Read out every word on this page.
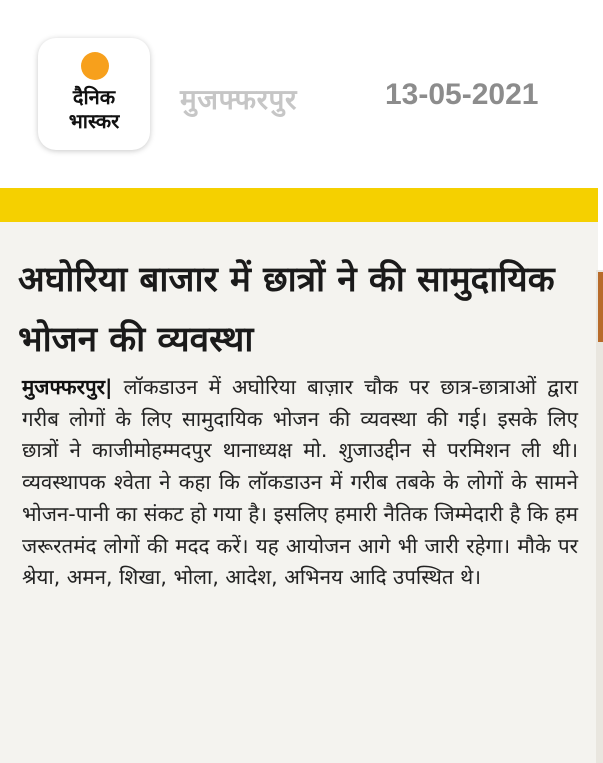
दैनिक
भास्कर
मुजफ्फरपुर	13-05-2021
अघोरिया बाजार में छात्रों ने की सामुदायिक भोजन की व्यवस्था
मुजफ्फरपुर| लॉकडाउन में अघोरिया बाज़ार चौक पर छात्र-छात्राओं द्वारा गरीब लोगों के लिए सामुदायिक भोजन की व्यवस्था की गई। इसके लिए छात्रों ने काजीमोहम्मदपुर थानाध्यक्ष मो. शुजाउद्दीन से परमिशन ली थी। व्यवस्थापक श्वेता ने कहा कि लॉकडाउन में गरीब तबके के लोगों के सामने भोजन-पानी का संकट हो गया है। इसलिए हमारी नैतिक जिम्मेदारी है कि हम जरूरतमंद लोगों की मदद करें। यह आयोजन आगे भी जारी रहेगा। मौके पर श्रेया, अमन, शिखा, भोला, आदेश, अभिनय आदि उपस्थित थे।
